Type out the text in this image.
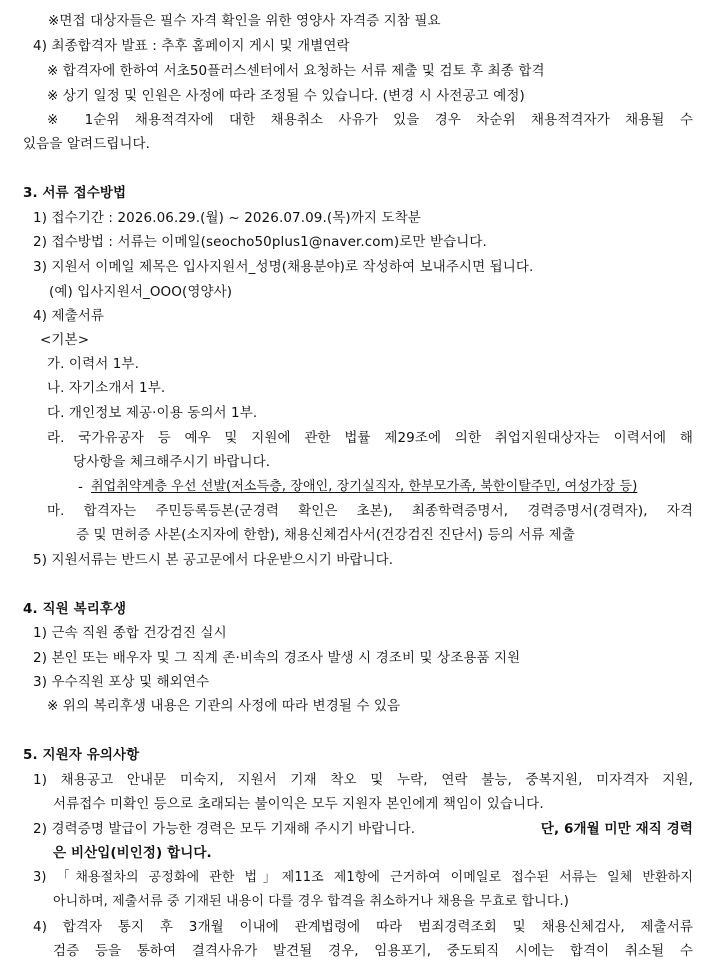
※면접 대상자들은 필수 자격 확인을 위한 영양사 자격증 지참 필요
4) 최종합격자 발표 : 추후 홈페이지 게시 및 개별연락
※ 합격자에 한하여 서초50플러스센터에서 요청하는 서류 제출 및 검토 후 최종 합격
※ 상기 일정 및 인원은 사정에 따라 조정될 수 있습니다. (변경 시 사전공고 예정)
※ 1순위 채용적격자에 대한 채용취소 사유가 있을 경우 차순위 채용적격자가 채용될 수
있음을 알려드립니다.
3. 서류 접수방법
1) 접수기간 : 2026.06.29.(월) ~ 2026.07.09.(목)까지 도착분
2) 접수방법 : 서류는 이메일(seocho50plus1@naver.com)로만 받습니다.
3) 지원서 이메일 제목은 입사지원서_성명(채용분야)로 작성하여 보내주시면 됩니다.
(예) 입사지원서_OOO(영양사)
4) 제출서류
<기본>
가. 이력서 1부.
나. 자기소개서 1부.
다. 개인정보 제공·이용 동의서 1부.
라. 국가유공자 등 예우 및 지원에 관한 법률 제29조에 의한 취업지원대상자는 이력서에 해
당사항을 체크해주시기 바랍니다.
- 취업취약계층 우선 선발(저소득층, 장애인, 장기실직자, 한부모가족, 북한이탈주민, 여성가장 등)
마. 합격자는 주민등록등본(군경력 확인은 초본), 최종학력증명서, 경력증명서(경력자), 자격
증 및 면허증 사본(소지자에 한함), 채용신체검사서(건강검진 진단서) 등의 서류 제출
5) 지원서류는 반드시 본 공고문에서 다운받으시기 바랍니다.
4. 직원 복리후생
1) 근속 직원 종합 건강검진 실시
2) 본인 또는 배우자 및 그 직계 존·비속의 경조사 발생 시 경조비 및 상조용품 지원
3) 우수직원 포상 및 해외연수
※ 위의 복리후생 내용은 기관의 사정에 따라 변경될 수 있음
5. 지원자 유의사항
1) 채용공고 안내문 미숙지, 지원서 기재 착오 및 누락, 연락 불능, 중복지원, 미자격자 지원,
서류접수 미확인 등으로 초래되는 불이익은 모두 지원자 본인에게 책임이 있습니다.
2) 경력증명 발급이 가능한 경력은 모두 기재해 주시기 바랍니다.	단, 6개월 미만 재직 경력
은 비산입(비인정) 합니다.
3) 「채용절차의 공정화에 관한 법」제11조 제1항에 근거하여 이메일로 접수된 서류는 일체 반환하지
아니하며, 제출서류 중 기재된 내용이 다를 경우 합격을 취소하거나 채용을 무효로 합니다.)
4) 합격자 통지 후 3개월 이내에 관계법령에 따라 범죄경력조회 및 채용신체검사, 제출서류
검증 등을 통하여 결격사유가 발견될 경우, 임용포기, 중도퇴직 시에는 합격이 취소될 수
